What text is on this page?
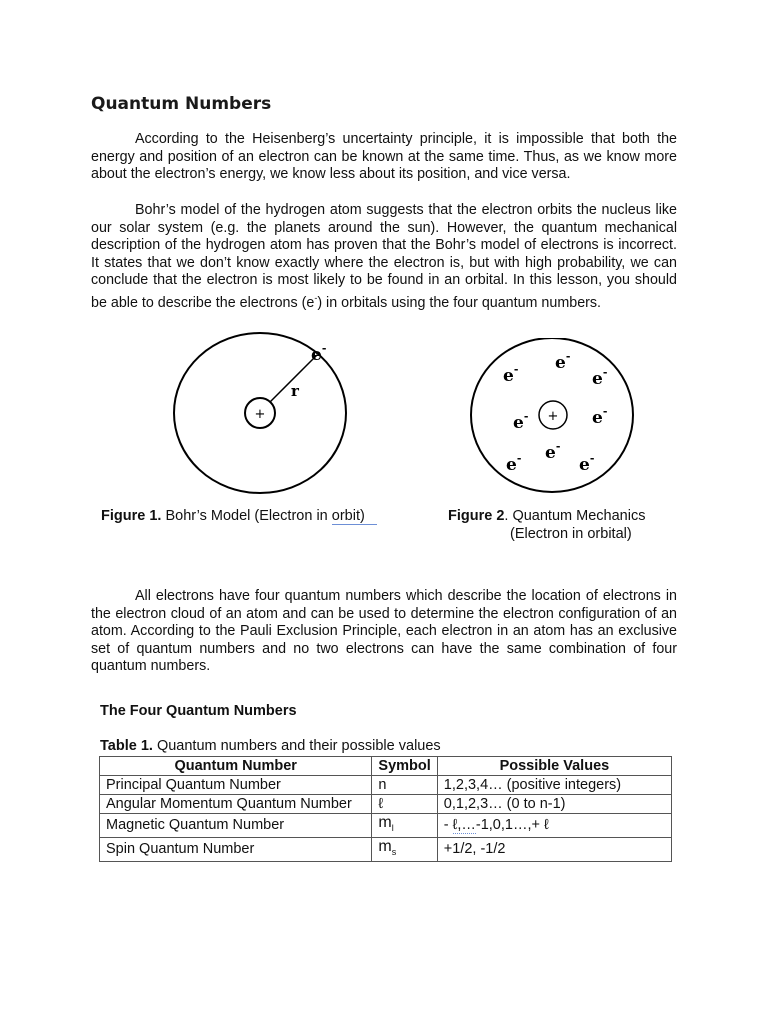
Quantum Numbers

According to the Heisenberg’s uncertainty principle, it is impossible that both the energy and position of an electron can be known at the same time. Thus, as we know more about the electron’s energy, we know less about its position, and vice versa.

Bohr’s model of the hydrogen atom suggests that the electron orbits the nucleus like our solar system (e.g. the planets around the sun). However, the quantum mechanical description of the hydrogen atom has proven that the Bohr’s model of electrons is incorrect. It states that we don’t know exactly where the electron is, but with high probability, we can conclude that the electron is most likely to be found in an orbital. In this lesson, you should be able to describe the electrons (e-) in orbitals using the four quantum numbers.

+
r
e-
+
e- e-
e-
e-	e-
e-
e-	e-

Figure 1. Bohr’s Model (Electron in orbit)	Figure 2. Quantum Mechanics
(Electron in orbital)

All electrons have four quantum numbers which describe the location of electrons in the electron cloud of an atom and can be used to determine the electron configuration of an atom. According to the Pauli Exclusion Principle, each electron in an atom has an exclusive set of quantum numbers and no two electrons can have the same combination of four quantum numbers.

The Four Quantum Numbers

Table 1. Quantum numbers and their possible values

Quantum Number	Symbol	Possible Values
Principal Quantum Number	n	1,2,3,4… (positive integers)
Angular Momentum Quantum Number	ℓ	0,1,2,3… (0 to n-1)
Magnetic Quantum Number	$m_l$	- ℓ,…-1,0,1…,+ ℓ
Spin Quantum Number	$m_s$	+1/2, -1/2
